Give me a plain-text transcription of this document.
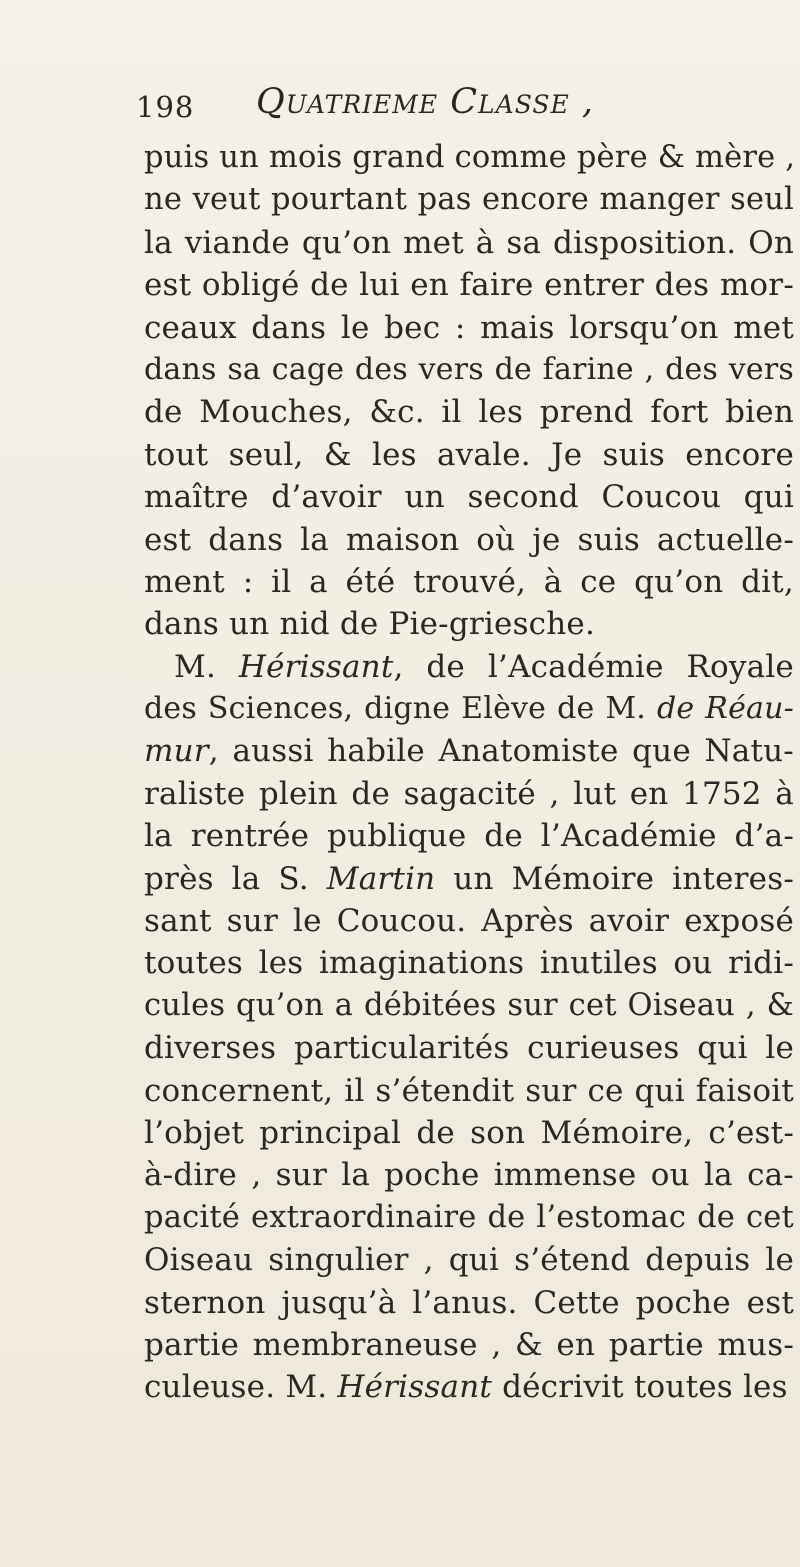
198 Quatrieme Classe ,
puis un mois grand comme père & mère ,
ne veut pourtant pas encore manger seul
la viande qu’on met à sa disposition. On
est obligé de lui en faire entrer des mor-
ceaux dans le bec : mais lorsqu’on met
dans sa cage des vers de farine , des vers
de Mouches, &c. il les prend fort bien
tout seul, & les avale. Je suis encore
maître d’avoir un second Coucou qui
est dans la maison où je suis actuelle-
ment : il a été trouvé, à ce qu’on dit,
dans un nid de Pie-griesche.
M. Hérissant, de l’Académie Royale
des Sciences, digne Elève de M. de Réau-
mur, aussi habile Anatomiste que Natu-
raliste plein de sagacité , lut en 1752 à
la rentrée publique de l’Académie d’a-
près la S. Martin un Mémoire interes-
sant sur le Coucou. Après avoir exposé
toutes les imaginations inutiles ou ridi-
cules qu’on a débitées sur cet Oiseau , &
diverses particularités curieuses qui le
concernent, il s’étendit sur ce qui faisoit
l’objet principal de son Mémoire, c’est-
à-dire , sur la poche immense ou la ca-
pacité extraordinaire de l’estomac de cet
Oiseau singulier , qui s’étend depuis le
sternon jusqu’à l’anus. Cette poche est
partie membraneuse , & en partie mus-
culeuse. M. Hérissant décrivit toutes les
